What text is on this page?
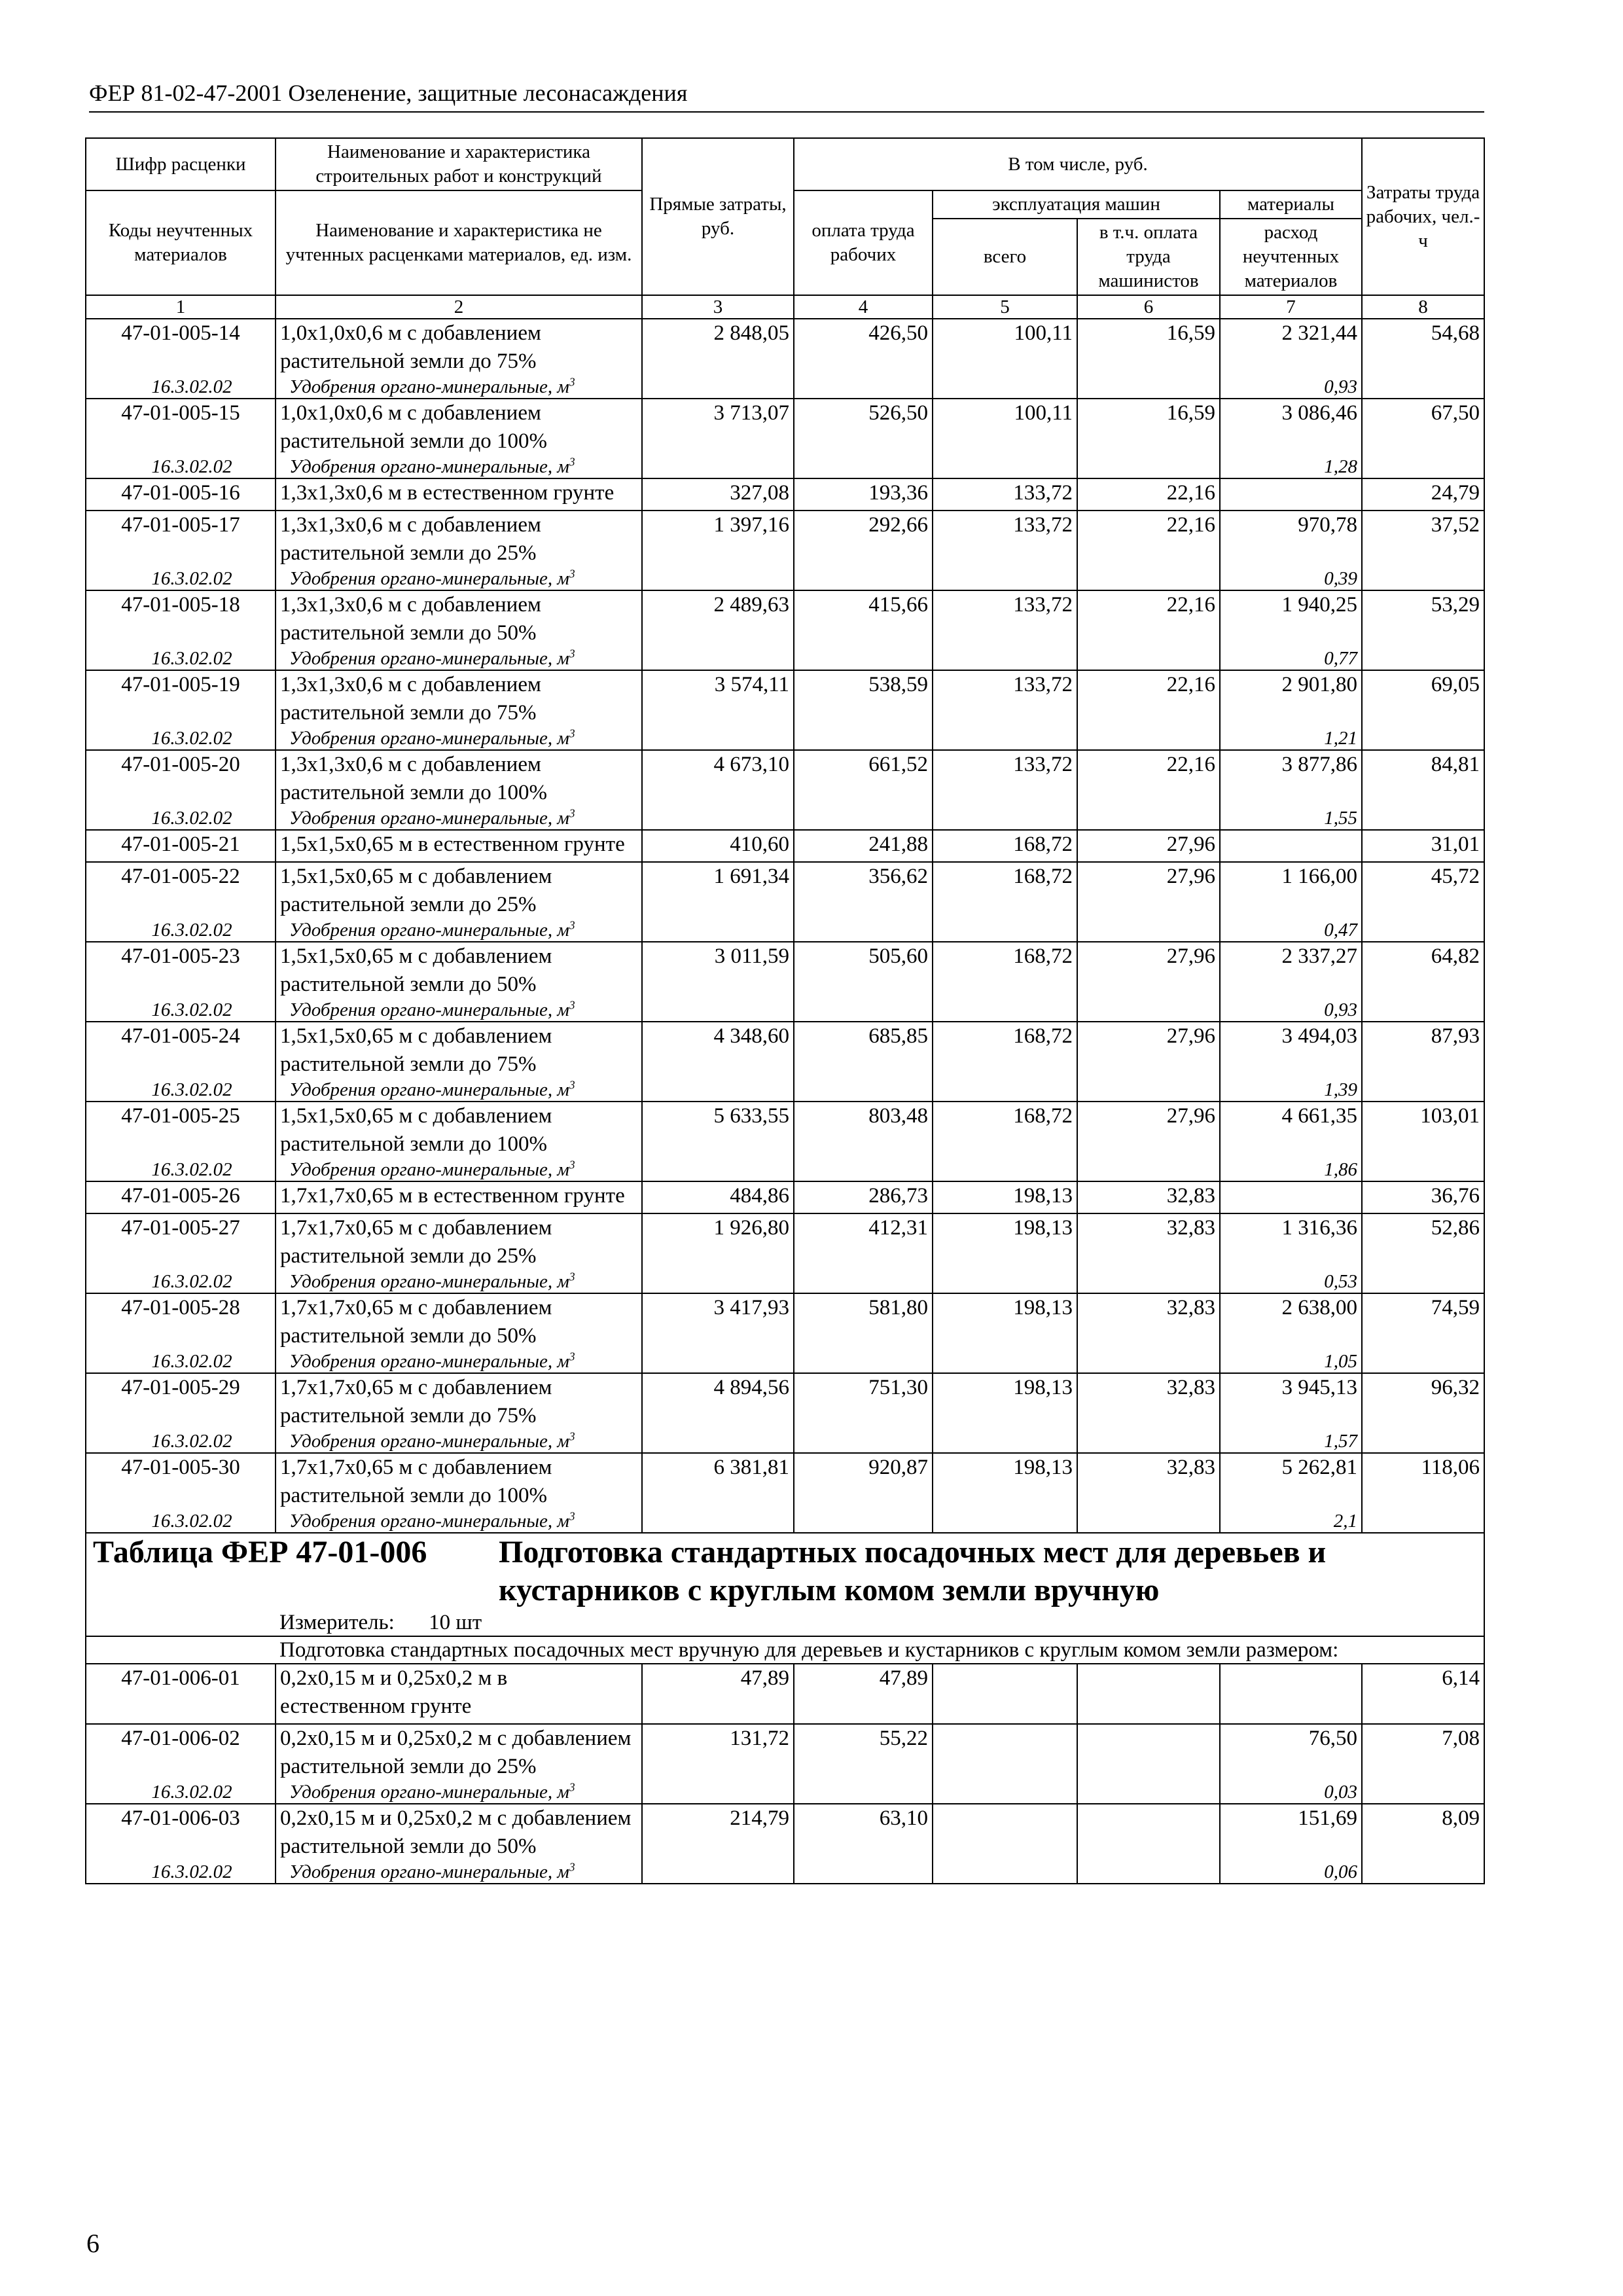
ФЕР 81-02-47-2001 Озеленение, защитные лесонасаждения
Шифр расценки	Наименование и характеристика строительных работ и конструкций	Прямые затраты, руб.	В том числе, руб.				Затраты труда рабочих, чел.-ч
Коды неучтенных материалов	Наименование и характеристика не учтенных расценками материалов, ед. изм.		оплата труда рабочих	эксплуатация машин		материалы	
				всего	в т.ч. оплата труда машинистов	расход неучтенных материалов	
1	2	3	4	5	6	7	8
47-01-005-14	1,0х1,0х0,6 м с добавлением растительной земли до 75%	2 848,05	426,50	100,11	16,59	2 321,44	54,68
16.3.02.02	Удобрения органо-минеральные, $м^3$					0,93	
47-01-005-15	1,0х1,0х0,6 м с добавлением растительной земли до 100%	3 713,07	526,50	100,11	16,59	3 086,46	67,50
16.3.02.02	Удобрения органо-минеральные, $м^3$					1,28	
47-01-005-16	1,3х1,3х0,6 м в естественном грунте	327,08	193,36	133,72	22,16		24,79
47-01-005-17	1,3х1,3х0,6 м с добавлением растительной земли до 25%	1 397,16	292,66	133,72	22,16	970,78	37,52
16.3.02.02	Удобрения органо-минеральные, $м^3$					0,39	
47-01-005-18	1,3х1,3х0,6 м с добавлением растительной земли до 50%	2 489,63	415,66	133,72	22,16	1 940,25	53,29
16.3.02.02	Удобрения органо-минеральные, $м^3$					0,77	
47-01-005-19	1,3х1,3х0,6 м с добавлением растительной земли до 75%	3 574,11	538,59	133,72	22,16	2 901,80	69,05
16.3.02.02	Удобрения органо-минеральные, $м^3$					1,21	
47-01-005-20	1,3х1,3х0,6 м с добавлением растительной земли до 100%	4 673,10	661,52	133,72	22,16	3 877,86	84,81
16.3.02.02	Удобрения органо-минеральные, $м^3$					1,55	
47-01-005-21	1,5х1,5х0,65 м в естественном грунте	410,60	241,88	168,72	27,96		31,01
47-01-005-22	1,5х1,5х0,65 м с добавлением растительной земли до 25%	1 691,34	356,62	168,72	27,96	1 166,00	45,72
16.3.02.02	Удобрения органо-минеральные, $м^3$					0,47	
47-01-005-23	1,5х1,5х0,65 м с добавлением растительной земли до 50%	3 011,59	505,60	168,72	27,96	2 337,27	64,82
16.3.02.02	Удобрения органо-минеральные, $м^3$					0,93	
47-01-005-24	1,5х1,5х0,65 м с добавлением растительной земли до 75%	4 348,60	685,85	168,72	27,96	3 494,03	87,93
16.3.02.02	Удобрения органо-минеральные, $м^3$					1,39	
47-01-005-25	1,5х1,5х0,65 м с добавлением растительной земли до 100%	5 633,55	803,48	168,72	27,96	4 661,35	103,01
16.3.02.02	Удобрения органо-минеральные, $м^3$					1,86	
47-01-005-26	1,7х1,7х0,65 м в естественном грунте	484,86	286,73	198,13	32,83		36,76
47-01-005-27	1,7х1,7х0,65 м с добавлением растительной земли до 25%	1 926,80	412,31	198,13	32,83	1 316,36	52,86
16.3.02.02	Удобрения органо-минеральные, $м^3$					0,53	
47-01-005-28	1,7х1,7х0,65 м с добавлением растительной земли до 50%	3 417,93	581,80	198,13	32,83	2 638,00	74,59
16.3.02.02	Удобрения органо-минеральные, $м^3$					1,05	
47-01-005-29	1,7х1,7х0,65 м с добавлением растительной земли до 75%	4 894,56	751,30	198,13	32,83	3 945,13	96,32
16.3.02.02	Удобрения органо-минеральные, $м^3$					1,57	
47-01-005-30	1,7х1,7х0,65 м с добавлением растительной земли до 100%	6 381,81	920,87	198,13	32,83	5 262,81	118,06
16.3.02.02	Удобрения органо-минеральные, $м^3$					2,1	

Таблица ФЕР 47-01-006 Подготовка стандартных посадочных мест для деревьев и кустарников с круглым комом земли вручную							

Измеритель: 10 шт							
Подготовка стандартных посадочных мест вручную для деревьев и кустарников с круглым комом земли размером:							
47-01-006-01	0,2х0,15 м и 0,25х0,2 м в естественном грунте	47,89	47,89				6,14
47-01-006-02	0,2х0,15 м и 0,25х0,2 м с добавлением растительной земли до 25%	131,72	55,22			76,50	7,08
16.3.02.02	Удобрения органо-минеральные, $м^3$					0,03	
47-01-006-03	0,2х0,15 м и 0,25х0,2 м с добавлением растительной земли до 50%	214,79	63,10			151,69	8,09
16.3.02.02	Удобрения органо-минеральные, $м^3$					0,06	
6
